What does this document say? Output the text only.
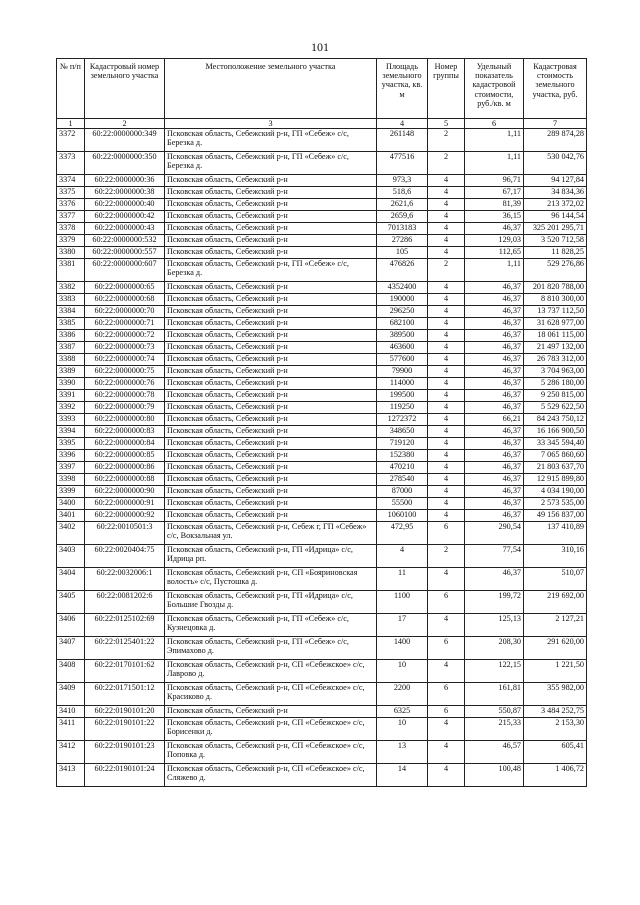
101
№ п/п	Кадастровый номер земельного участка	Местоположение земельного участка	Площадь земельного участка, кв. м	Номер группы	Удельный показатель кадастровой стоимости, руб./кв. м	Кадастровая стоимость земельного участка, руб.
1	2	3	4	5	6	7
3372	60:22:0000000:349	Псковская область, Себежский р-н, ГП «Себеж» с/с, Березка д.	261148	2	1,11	289 874,28
3373	60:22:0000000:350	Псковская область, Себежский р-н, ГП «Себеж» с/с, Березка д.	477516	2	1,11	530 042,76
3374	60:22:0000000:36	Псковская область, Себежский р-н	973,3	4	96,71	94 127,84
3375	60:22:0000000:38	Псковская область, Себежский р-н	518,6	4	67,17	34 834,36
3376	60:22:0000000:40	Псковская область, Себежский р-н	2621,6	4	81,39	213 372,02
3377	60:22:0000000:42	Псковская область, Себежский р-н	2659,6	4	36,15	96 144,54
3378	60:22:0000000:43	Псковская область, Себежский р-н	7013183	4	46,37	325 201 295,71
3379	60:22:0000000:532	Псковская область, Себежский р-н	27286	4	129,03	3 520 712,58
3380	60:22:0000000:557	Псковская область, Себежский р-н	105	4	112,65	11 828,25
3381	60:22:0000000:607	Псковская область, Себежский р-н, ГП «Себеж» с/с, Березка д.	476826	2	1,11	529 276,86
3382	60:22:0000000:65	Псковская область, Себежский р-н	4352400	4	46,37	201 820 788,00
3383	60:22:0000000:68	Псковская область, Себежский р-н	190000	4	46,37	8 810 300,00
3384	60:22:0000000:70	Псковская область, Себежский р-н	296250	4	46,37	13 737 112,50
3385	60:22:0000000:71	Псковская область, Себежский р-н	682100	4	46,37	31 628 977,00
3386	60:22:0000000:72	Псковская область, Себежский р-н	389500	4	46,37	18 061 115,00
3387	60:22:0000000:73	Псковская область, Себежский р-н	463600	4	46,37	21 497 132,00
3388	60:22:0000000:74	Псковская область, Себежский р-н	577600	4	46,37	26 783 312,00
3389	60:22:0000000:75	Псковская область, Себежский р-н	79900	4	46,37	3 704 963,00
3390	60:22:0000000:76	Псковская область, Себежский р-н	114000	4	46,37	5 286 180,00
3391	60:22:0000000:78	Псковская область, Себежский р-н	199500	4	46,37	9 250 815,00
3392	60:22:0000000:79	Псковская область, Себежский р-н	119250	4	46,37	5 529 622,50
3393	60:22:0000000:80	Псковская область, Себежский р-н	1272372	4	66,21	84 243 750,12
3394	60:22:0000000:83	Псковская область, Себежский р-н	348650	4	46,37	16 166 900,50
3395	60:22:0000000:84	Псковская область, Себежский р-н	719120	4	46,37	33 345 594,40
3396	60:22:0000000:85	Псковская область, Себежский р-н	152380	4	46,37	7 065 860,60
3397	60:22:0000000:86	Псковская область, Себежский р-н	470210	4	46,37	21 803 637,70
3398	60:22:0000000:88	Псковская область, Себежский р-н	278540	4	46,37	12 915 899,80
3399	60:22:0000000:90	Псковская область, Себежский р-н	87000	4	46,37	4 034 190,00
3400	60:22:0000000:91	Псковская область, Себежский р-н	55500	4	46,37	2 573 535,00
3401	60:22:0000000:92	Псковская область, Себежский р-н	1060100	4	46,37	49 156 837,00
3402	60:22:0010501:3	Псковская область, Себежский р-н, Себеж г, ГП «Себеж» с/с, Вокзальная ул.	472,95	6	290,54	137 410,89
3403	60:22:0020404:75	Псковская область, Себежский р-н, ГП «Идрица» с/с, Идрица рп.	4	2	77,54	310,16
3404	60:22:0032006:1	Псковская область, Себежский р-н, СП «Бояриновская волость» с/с, Пустошка д.	11	4	46,37	510,07
3405	60:22:0081202:6	Псковская область, Себежский р-н, ГП «Идрица» с/с, Большие Гвозды д.	1100	6	199,72	219 692,00
3406	60:22:0125102:69	Псковская область, Себежский р-н, ГП «Себеж» с/с, Кузнецовка д.	17	4	125,13	2 127,21
3407	60:22:0125401:22	Псковская область, Себежский р-н, ГП «Себеж» с/с, Эпимахово д.	1400	6	208,30	291 620,00
3408	60:22:0170101:62	Псковская область, Себежский р-н, СП «Себежское» с/с, Лаврово д.	10	4	122,15	1 221,50
3409	60:22:0171501:12	Псковская область, Себежский р-н, СП «Себежское» с/с, Красиково д.	2200	6	161,81	355 982,00
3410	60:22:0190101:20	Псковская область, Себежский р-н	6325	6	550,87	3 484 252,75
3411	60:22:0190101:22	Псковская область, Себежский р-н, СП «Себежское» с/с, Борисенки д.	10	4	215,33	2 153,30
3412	60:22:0190101:23	Псковская область, Себежский р-н, СП «Себежское» с/с, Поповка д.	13	4	46,57	605,41
3413	60:22:0190101:24	Псковская область, Себежский р-н, СП «Себежское» с/с, Сляжево д.	14	4	100,48	1 406,72
